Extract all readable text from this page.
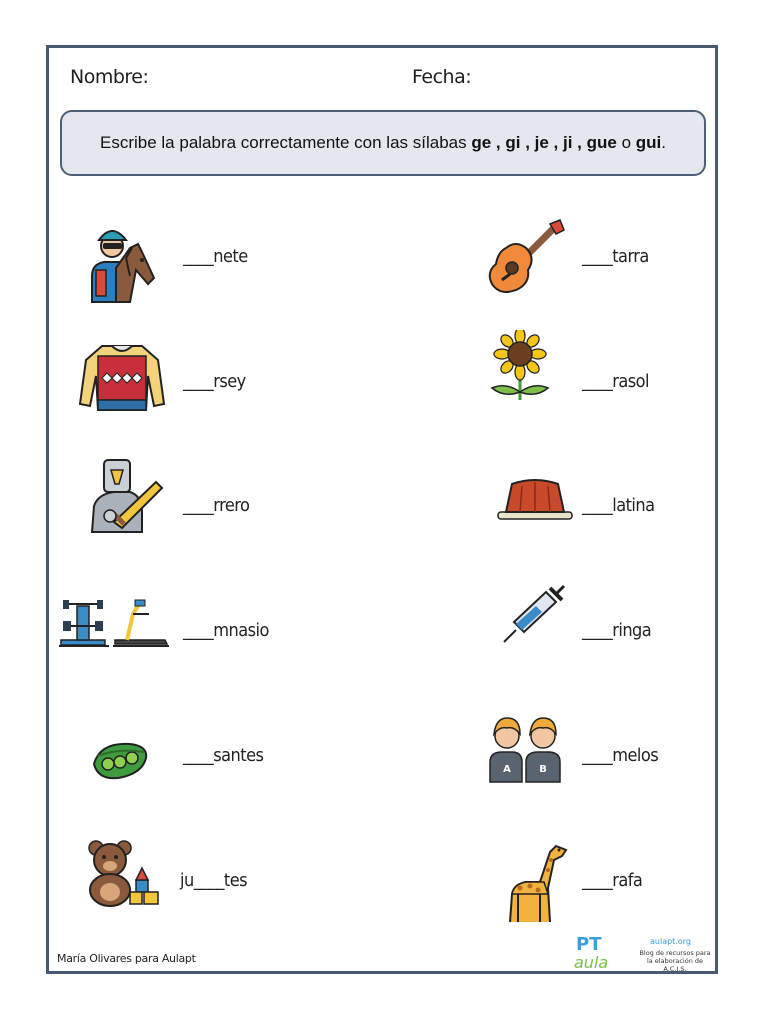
Nombre:	Fecha:
Escribe la palabra correctamente con las sílabas ge , gi , je , ji , gue o gui.
____nete
____rsey
____rrero
____mnasio
____santes
ju____tes
____tarra
____rasol
____latina
____ringa
A	B
____melos
____rafa
María Olivares para Aulapt
PT
aula
aulapt.org
Blog de recursos para la elaboración de A.C.I.S.
